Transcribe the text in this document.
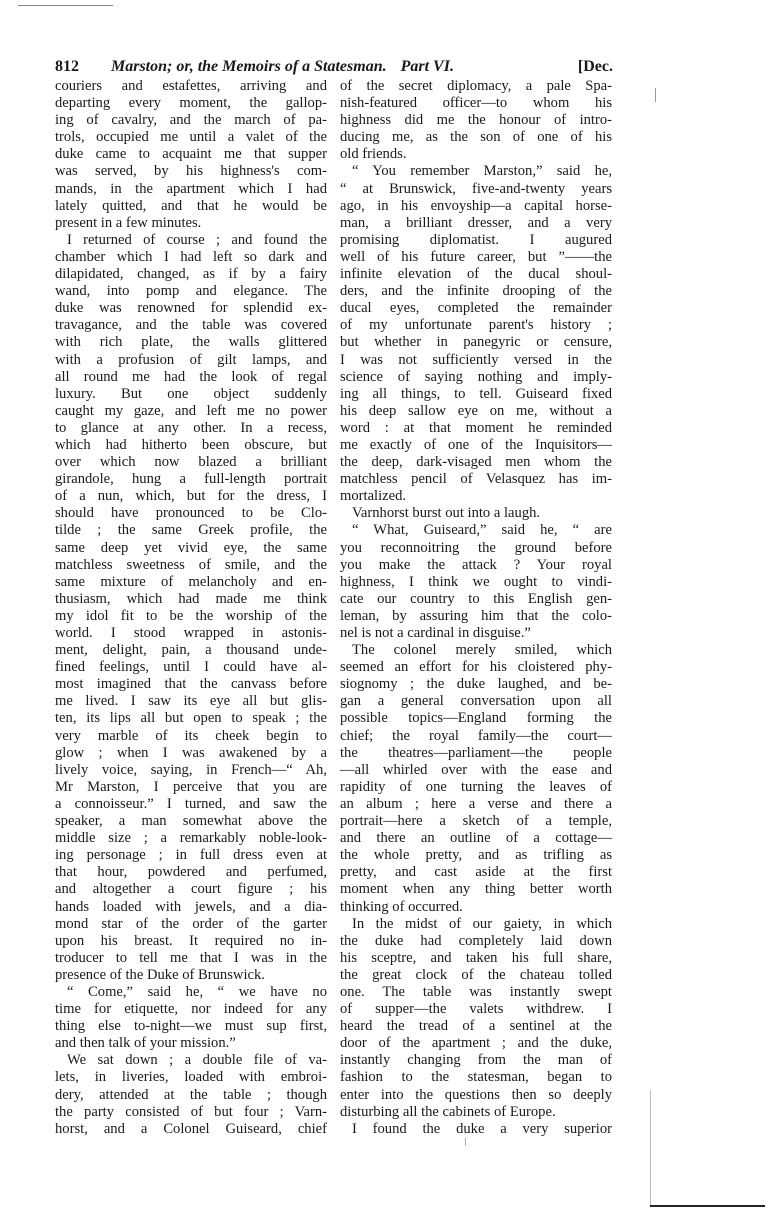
812 Marston; or, the Memoirs of a Statesman. Part VI.	[Dec.
couriers and estafettes, arriving and
departing every moment, the gallop-
ing of cavalry, and the march of pa-
trols, occupied me until a valet of the
duke came to acquaint me that supper
was served, by his highness's com-
mands, in the apartment which I had
lately quitted, and that he would be
present in a few minutes.
I returned of course ; and found the
chamber which I had left so dark and
dilapidated, changed, as if by a fairy
wand, into pomp and elegance. The
duke was renowned for splendid ex-
travagance, and the table was covered
with rich plate, the walls glittered
with a profusion of gilt lamps, and
all round me had the look of regal
luxury. But one object suddenly
caught my gaze, and left me no power
to glance at any other. In a recess,
which had hitherto been obscure, but
over which now blazed a brilliant
girandole, hung a full-length portrait
of a nun, which, but for the dress, I
should have pronounced to be Clo-
tilde ; the same Greek profile, the
same deep yet vivid eye, the same
matchless sweetness of smile, and the
same mixture of melancholy and en-
thusiasm, which had made me think
my idol fit to be the worship of the
world. I stood wrapped in astonis-
ment, delight, pain, a thousand unde-
fined feelings, until I could have al-
most imagined that the canvass before
me lived. I saw its eye all but glis-
ten, its lips all but open to speak ; the
very marble of its cheek begin to
glow ; when I was awakened by a
lively voice, saying, in French—“ Ah,
Mr Marston, I perceive that you are
a connoisseur.” I turned, and saw the
speaker, a man somewhat above the
middle size ; a remarkably noble-look-
ing personage ; in full dress even at
that hour, powdered and perfumed,
and altogether a court figure ; his
hands loaded with jewels, and a dia-
mond star of the order of the garter
upon his breast. It required no in-
troducer to tell me that I was in the
presence of the Duke of Brunswick.
“ Come,” said he, “ we have no
time for etiquette, nor indeed for any
thing else to-night—we must sup first,
and then talk of your mission.”
We sat down ; a double file of va-
lets, in liveries, loaded with embroi-
dery, attended at the table ; though
the party consisted of but four ; Varn-
horst, and a Colonel Guiseard, chief
of the secret diplomacy, a pale Spa-
nish-featured officer—to whom his
highness did me the honour of intro-
ducing me, as the son of one of his
old friends.
“ You remember Marston,” said he,
“ at Brunswick, five-and-twenty years
ago, in his envoyship—a capital horse-
man, a brilliant dresser, and a very
promising diplomatist. I augured
well of his future career, but ”——the
infinite elevation of the ducal shoul-
ders, and the infinite drooping of the
ducal eyes, completed the remainder
of my unfortunate parent's history ;
but whether in panegyric or censure,
I was not sufficiently versed in the
science of saying nothing and imply-
ing all things, to tell. Guiseard fixed
his deep sallow eye on me, without a
word : at that moment he reminded
me exactly of one of the Inquisitors—
the deep, dark-visaged men whom the
matchless pencil of Velasquez has im-
mortalized.
Varnhorst burst out into a laugh.
“ What, Guiseard,” said he, “ are
you reconnoitring the ground before
you make the attack ? Your royal
highness, I think we ought to vindi-
cate our country to this English gen-
leman, by assuring him that the colo-
nel is not a cardinal in disguise.”
The colonel merely smiled, which
seemed an effort for his cloistered phy-
siognomy ; the duke laughed, and be-
gan a general conversation upon all
possible topics—England forming the
chief; the royal family—the court—
the theatres—parliament—the people
—all whirled over with the ease and
rapidity of one turning the leaves of
an album ; here a verse and there a
portrait—here a sketch of a temple,
and there an outline of a cottage—
the whole pretty, and as trifling as
pretty, and cast aside at the first
moment when any thing better worth
thinking of occurred.
In the midst of our gaiety, in which
the duke had completely laid down
his sceptre, and taken his full share,
the great clock of the chateau tolled
one. The table was instantly swept
of supper—the valets withdrew. I
heard the tread of a sentinel at the
door of the apartment ; and the duke,
instantly changing from the man of
fashion to the statesman, began to
enter into the questions then so deeply
disturbing all the cabinets of Europe.
I found the duke a very superior
